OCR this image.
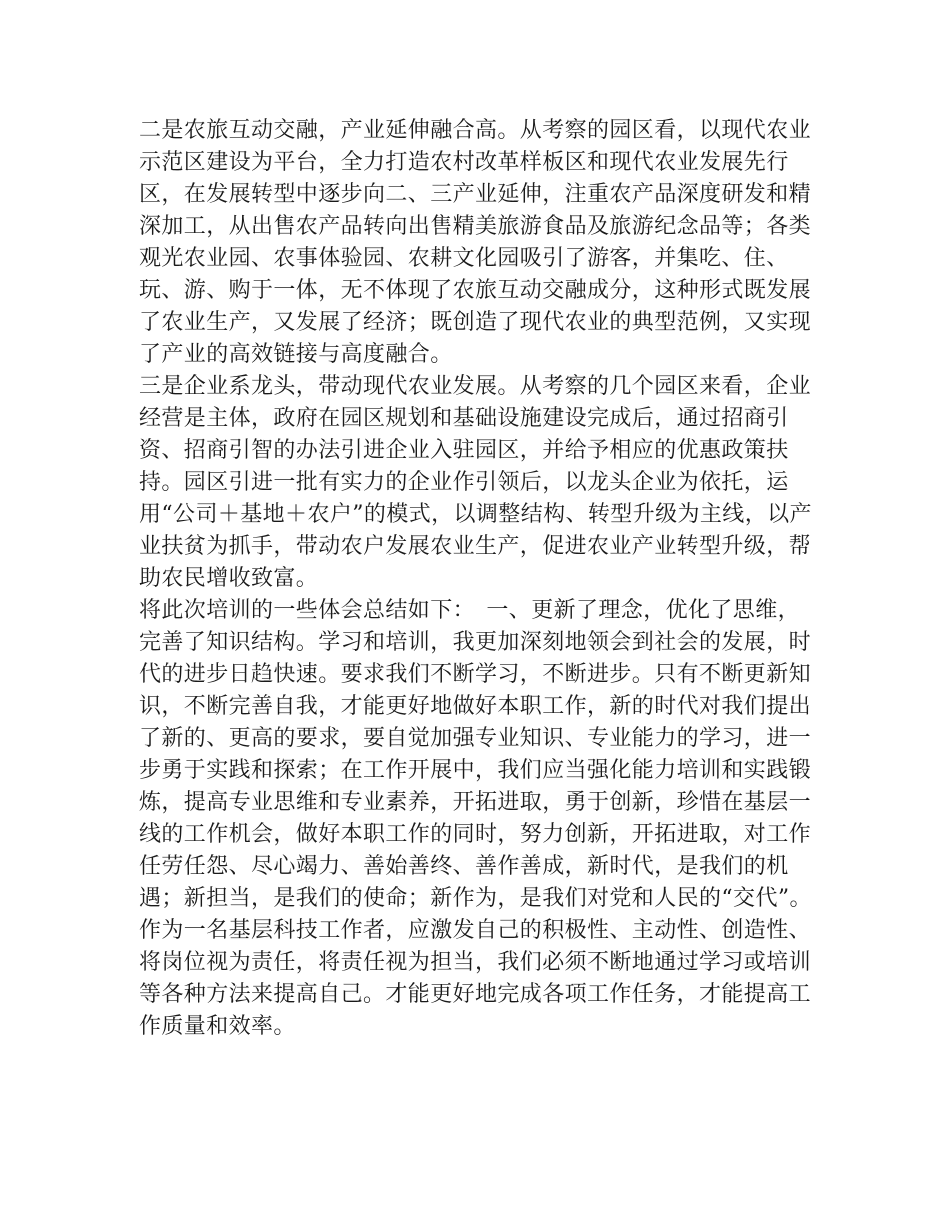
二是农旅互动交融，产业延伸融合高。从考察的园区看，以现代农业示范区建设为平台，全力打造农村改革样板区和现代农业发展先行区，在发展转型中逐步向二、三产业延伸，注重农产品深度研发和精深加工，从出售农产品转向出售精美旅游食品及旅游纪念品等；各类观光农业园、农事体验园、农耕文化园吸引了游客，并集吃、住、玩、游、购于一体，无不体现了农旅互动交融成分，这种形式既发展了农业生产，又发展了经济；既创造了现代农业的典型范例，又实现了产业的高效链接与高度融合。

三是企业系龙头，带动现代农业发展。从考察的几个园区来看，企业经营是主体，政府在园区规划和基础设施建设完成后，通过招商引资、招商引智的办法引进企业入驻园区，并给予相应的优惠政策扶持。园区引进一批有实力的企业作引领后，以龙头企业为依托，运用“公司＋基地＋农户”的模式，以调整结构、转型升级为主线，以产业扶贫为抓手，带动农户发展农业生产，促进农业产业转型升级，帮助农民增收致富。

将此次培训的一些体会总结如下：　一、更新了理念，优化了思维，完善了知识结构。学习和培训，我更加深刻地领会到社会的发展，时代的进步日趋快速。要求我们不断学习，不断进步。只有不断更新知识，不断完善自我，才能更好地做好本职工作，新的时代对我们提出了新的、更高的要求，要自觉加强专业知识、专业能力的学习，进一步勇于实践和探索；在工作开展中，我们应当强化能力培训和实践锻炼，提高专业思维和专业素养，开拓进取，勇于创新，珍惜在基层一线的工作机会，做好本职工作的同时，努力创新，开拓进取，对工作任劳任怨、尽心竭力、善始善终、善作善成，新时代，是我们的机遇；新担当，是我们的使命；新作为，是我们对党和人民的“交代”。作为一名基层科技工作者，应激发自己的积极性、主动性、创造性、将岗位视为责任，将责任视为担当，我们必须不断地通过学习或培训等各种方法来提高自己。才能更好地完成各项工作任务，才能提高工作质量和效率。
